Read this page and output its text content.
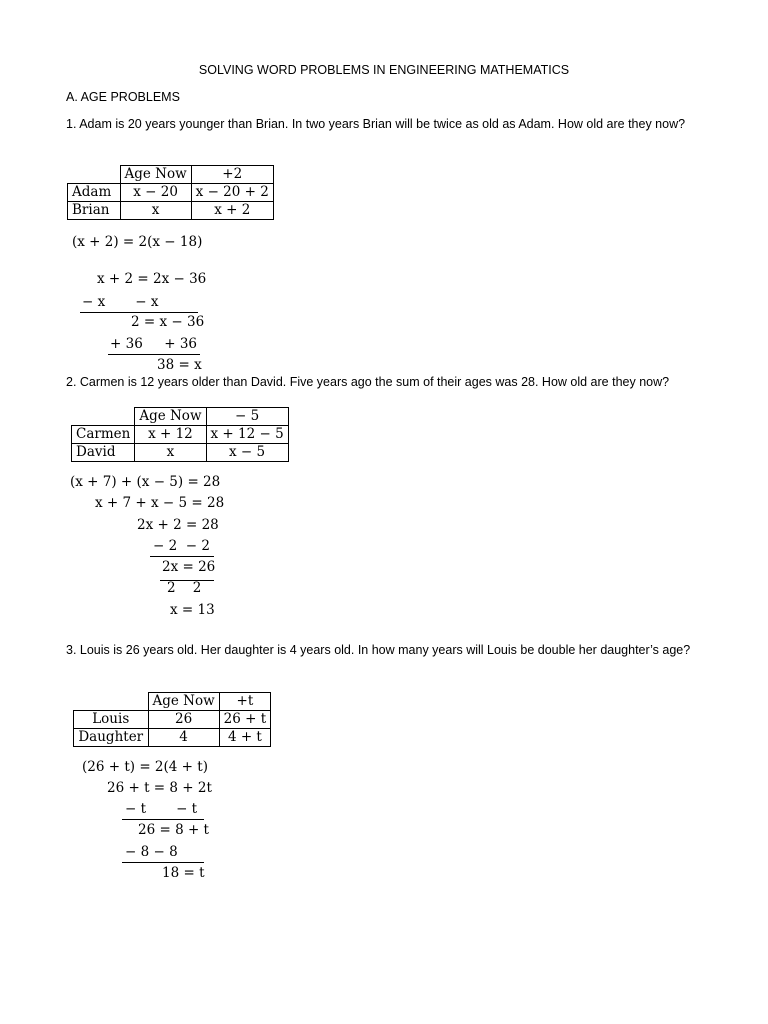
SOLVING WORD PROBLEMS IN ENGINEERING MATHEMATICS
A. AGE PROBLEMS
1. Adam is 20 years younger than Brian. In two years Brian will be twice as old as Adam. How old are they now?
	Age Now	+2
Adam	x − 20	x − 20 + 2
Brian	x	x + 2
(x + 2) = 2(x − 18)
x + 2 = 2x − 36
− x       − x
2 = x − 36
+ 36     + 36
38 = x
2. Carmen is 12 years older than David. Five years ago the sum of their ages was 28. How old are they now?
	Age Now	− 5
Carmen	x + 12	x + 12 − 5
David	x	x − 5
(x + 7) + (x − 5) = 28
x + 7 + x − 5 = 28
2x + 2 = 28
− 2  − 2
2x = 26
2    2
x = 13
3. Louis is 26 years old. Her daughter is 4 years old. In how many years will Louis be double her daughter’s age?
	Age Now	+t
Louis	26	26 + t
Daughter	4	4 + t
(26 + t) = 2(4 + t)
26 + t = 8 + 2t
− t       − t
26 = 8 + t
− 8 − 8
18 = t
